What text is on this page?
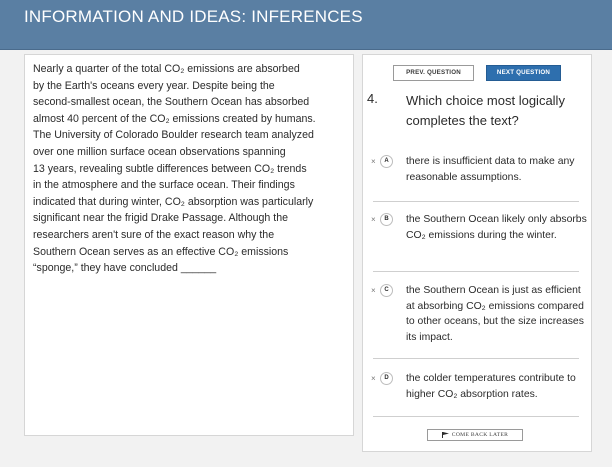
INFORMATION AND IDEAS: INFERENCES
Nearly a quarter of the total CO₂ emissions are absorbed
by the Earth's oceans every year. Despite being the
second-smallest ocean, the Southern Ocean has absorbed
almost 40 percent of the CO₂ emissions created by humans.
The University of Colorado Boulder research team analyzed
over one million surface ocean observations spanning
13 years, revealing subtle differences between CO₂ trends
in the atmosphere and the surface ocean. Their findings
indicated that during winter, CO₂ absorption was particularly
significant near the frigid Drake Passage. Although the
researchers aren't sure of the exact reason why the
Southern Ocean serves as an effective CO₂ emissions
“sponge,” they have concluded ______
PREV. QUESTION	NEXT QUESTION
4. Which choice most logically completes the text?
×	A	there is insufficient data to make any reasonable assumptions.
×	B	the Southern Ocean likely only absorbs CO₂ emissions during the winter.
×	C	the Southern Ocean is just as efficient at absorbing CO₂ emissions compared to other oceans, but the size increases its impact.
×	D	the colder temperatures contribute to higher CO₂ absorption rates.
COME BACK LATER
